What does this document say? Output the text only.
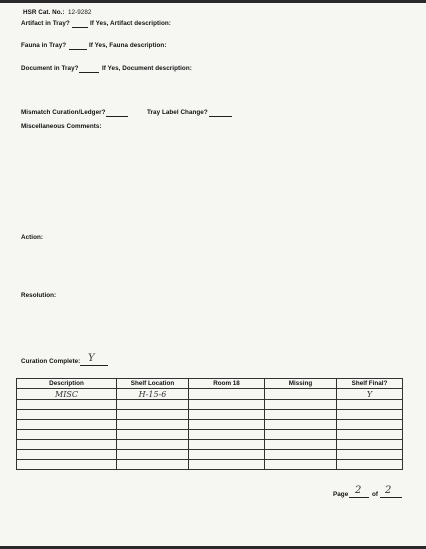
HSR Cat. No.: 12-9282
Artifact in Tray?	If Yes, Artifact description:
Fauna in Tray?	If Yes, Fauna description:
Document in Tray?	If Yes, Document description:
Mismatch Curation/Ledger?	Tray Label Change?
Miscellaneous Comments:
Action:
Resolution:
Curation Complete: Y
Description	Shelf Location	Room 18	Missing	Shelf Final?
MISC	H-15-6			Y

Page 2 of 2
